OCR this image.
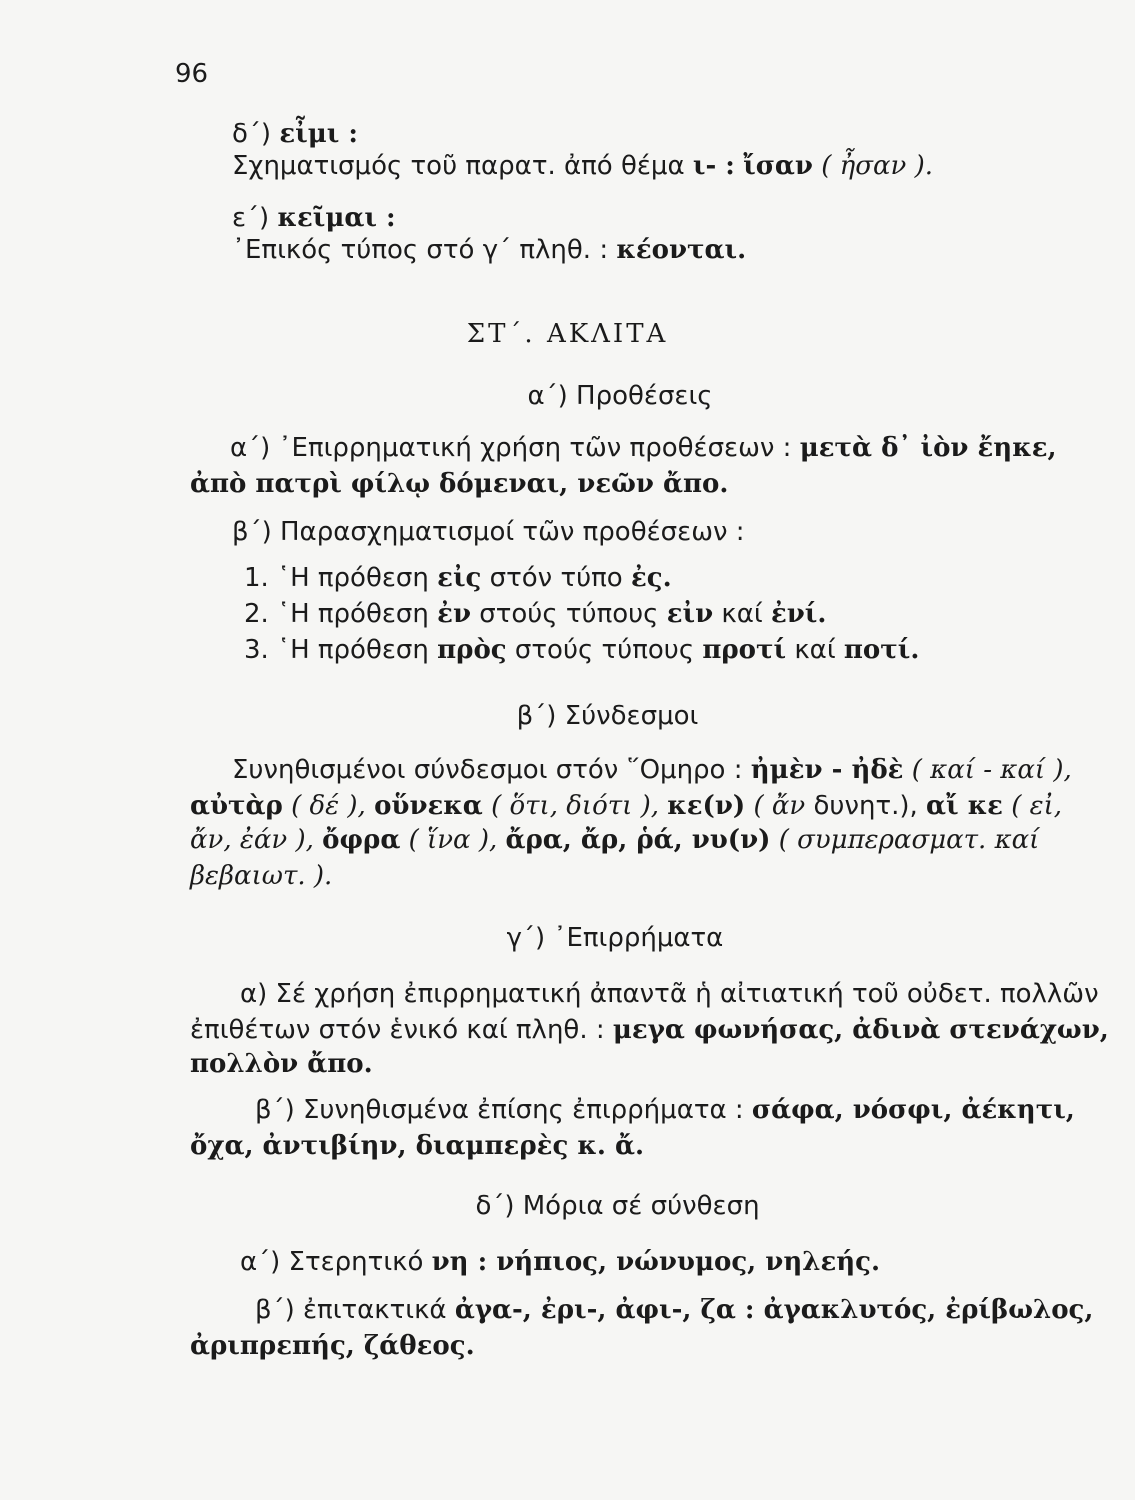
96
δ΄) εἶμι :
Σχηματισμός τοῦ παρατ. ἀπό θέμα ι- : ἴσαν ( ἦσαν ).
ε΄) κεῖμαι :
᾿Επικός τύπος στό γ΄ πληθ. : κέονται.
ΣΤ΄. ΑΚΛΙΤΑ
α΄) Προθέσεις
α΄) ᾿Επιρρηματική χρήση τῶν προθέσεων : μετὰ δ᾿ ἰὸν ἔηκε,
ἀπὸ πατρὶ φίλῳ δόμεναι, νεῶν ἄπο.
β΄) Παρασχηματισμοί τῶν προθέσεων :
1. ῾Η πρόθεση εἰς στόν τύπο ἐς.
2. ῾Η πρόθεση ἐν στούς τύπους εἰν καί ἐνί.
3. ῾Η πρόθεση πρὸς στούς τύπους προτί καί ποτί.
β΄) Σύνδεσμοι
Συνηθισμένοι σύνδεσμοι στόν ῞Ομηρο : ἠμὲν - ἠδὲ ( καί - καί ),
αὐτὰρ ( δέ ), οὕνεκα ( ὅτι, διότι ), κε(ν) ( ἄν δυνητ.), αἴ κε ( εἰ,
ἄν, ἐάν ), ὄφρα ( ἵνα ), ἄρα, ἄρ, ῥά, νυ(ν) ( συμπερασματ. καί
βεβαιωτ. ).
γ΄) ᾿Επιρρήματα
α) Σέ χρήση ἐπιρρηματική ἀπαντᾶ ἡ αἰτιατική τοῦ οὐδετ. πολλῶν
ἐπιθέτων στόν ἑνικό καί πληθ. : μεγα φωνήσας, ἀδινὰ στενάχων,
πολλὸν ἄπο.
β΄) Συνηθισμένα ἐπίσης ἐπιρρήματα : σάφα, νόσφι, ἀέκητι,
ὄχα, ἀντιβίην, διαμπερὲς κ. ἄ.
δ΄) Μόρια σέ σύνθεση
α΄) Στερητικό νη : νήπιος, νώνυμος, νηλεής.
β΄) ἐπιτακτικά ἀγα-, ἐρι-, ἀφι-, ζα : ἀγακλυτός, ἐρίβωλος,
ἀριπρεπής, ζάθεος.
